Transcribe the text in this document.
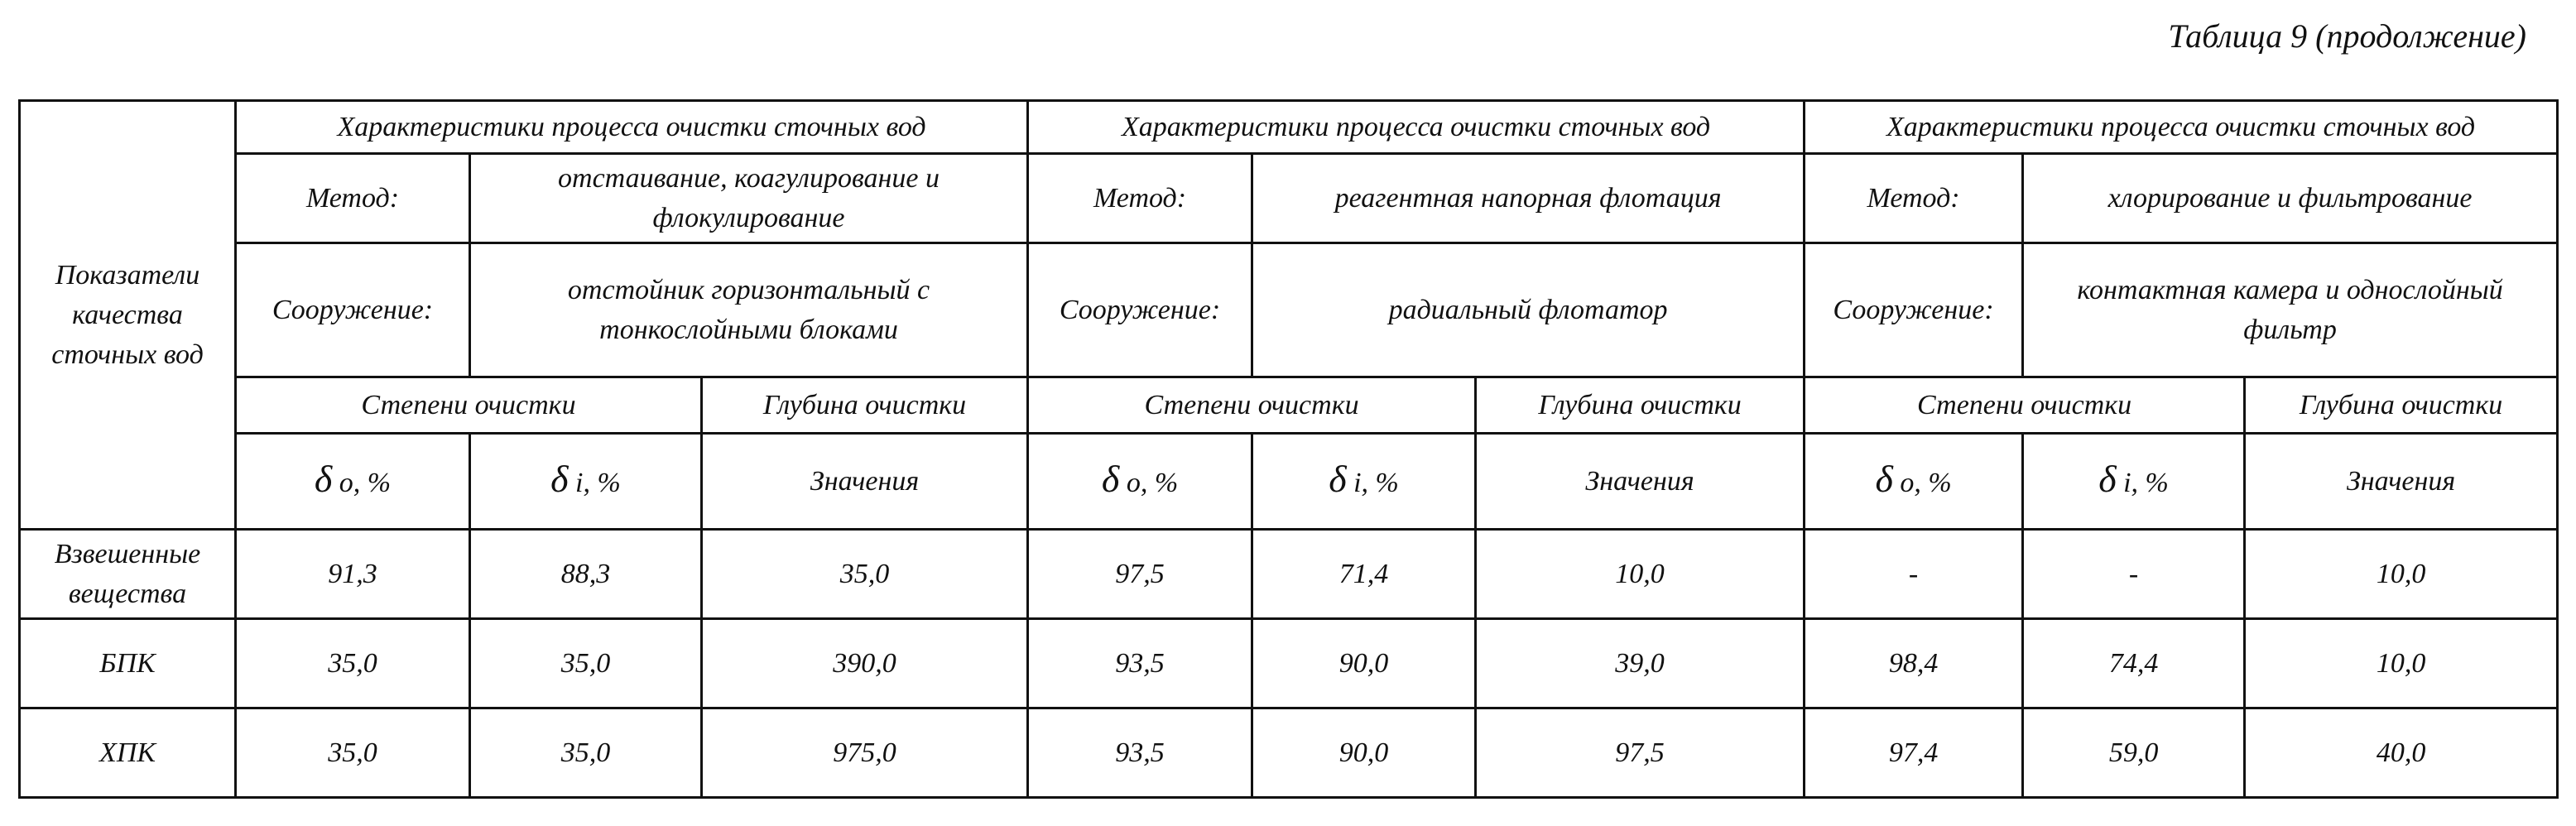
Таблица 9 (продолжение)
Показатели качества сточных вод	Характеристики процесса очистки сточных вод			Характеристики процесса очистки сточных вод			Характеристики процесса очистки сточных вод		
	Метод:	отстаивание, коагулирование и флокулирование		Метод:	реагентная напорная флотация		Метод:	хлорирование и фильтрование	
	Сооружение:	отстойник горизонтальный с тонкослойными блоками		Сооружение:	радиальный флотатор		Сооружение:	контактная камера и однослойный фильтр	
	Степени очистки		Глубина очистки	Степени очистки		Глубина очистки	Степени очистки		Глубина очистки
	δ о, %	δ i, %	Значения	δ о, %	δ i, %	Значения	δ о, %	δ i, %	Значения
Взвешенные вещества	91,3	88,3	35,0	97,5	71,4	10,0	-	-	10,0
БПК	35,0	35,0	390,0	93,5	90,0	39,0	98,4	74,4	10,0
ХПК	35,0	35,0	975,0	93,5	90,0	97,5	97,4	59,0	40,0
